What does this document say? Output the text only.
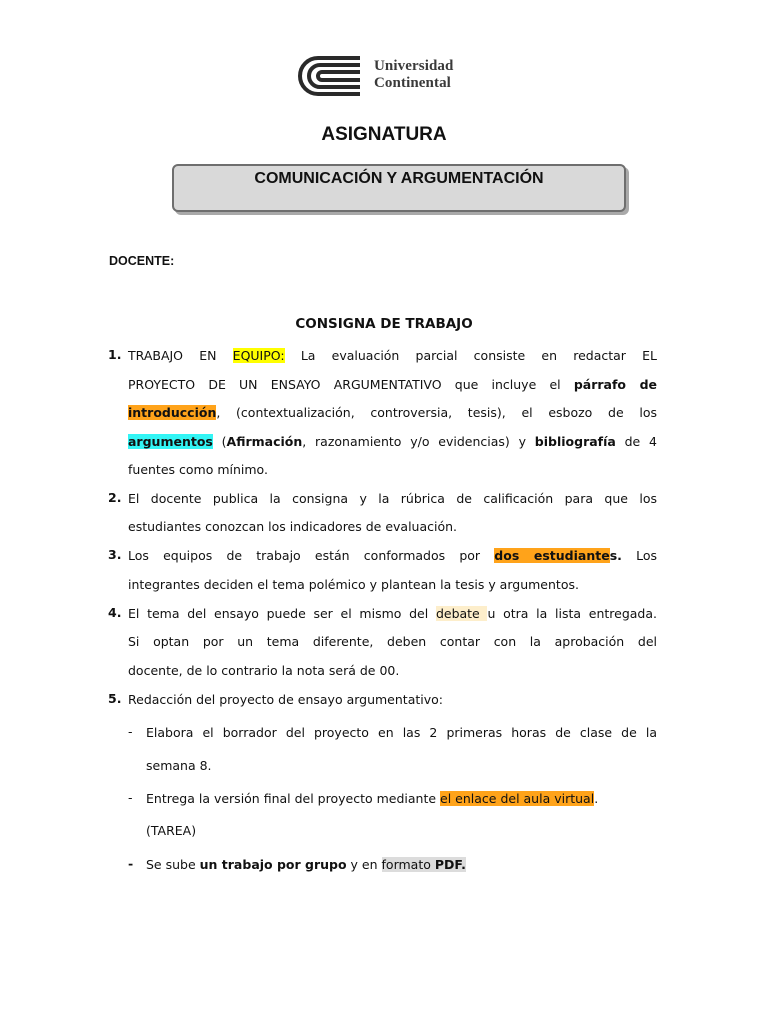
Universidad
Continental
ASIGNATURA
COMUNICACIÓN Y ARGUMENTACIÓN
DOCENTE:
CONSIGNA DE TRABAJO
1. TRABAJO EN EQUIPO: La evaluación parcial consiste en redactar EL
PROYECTO DE UN ENSAYO ARGUMENTATIVO que incluye el párrafo de
introducción, (contextualización, controversia, tesis), el esbozo de los
argumentos (Afirmación, razonamiento y/o evidencias) y bibliografía de 4
fuentes como mínimo.
2. El docente publica la consigna y la rúbrica de calificación para que los
estudiantes conozcan los indicadores de evaluación.
3. Los equipos de trabajo están conformados por dos estudiantes. Los
integrantes deciden el tema polémico y plantean la tesis y argumentos.
4. El tema del ensayo puede ser el mismo del debate u otra la lista entregada.
Si optan por un tema diferente, deben contar con la aprobación del
docente, de lo contrario la nota será de 00.
5. Redacción del proyecto de ensayo argumentativo:
- Elabora el borrador del proyecto en las 2 primeras horas de clase de la
semana 8.
- Entrega la versión final del proyecto mediante el enlace del aula virtual.
(TAREA)
- Se sube un trabajo por grupo y en formato PDF.
